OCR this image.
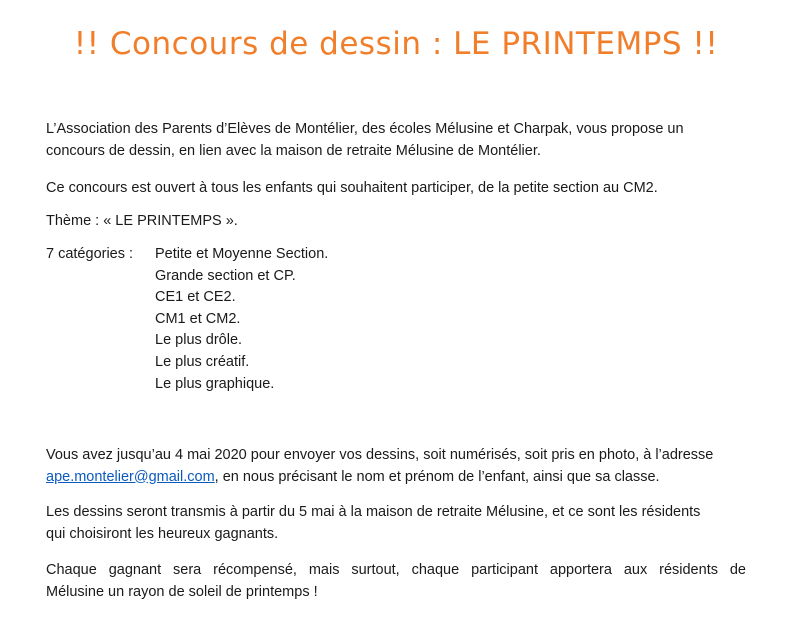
!! Concours de dessin : LE PRINTEMPS !!

L’Association des Parents d’Elèves de Montélier, des écoles Mélusine et Charpak, vous propose un

concours de dessin, en lien avec la maison de retraite Mélusine de Montélier.

Ce concours est ouvert à tous les enfants qui souhaitent participer, de la petite section au CM2.

Thème : « LE PRINTEMPS ».

7 catégories : Petite et Moyenne Section.
Grande section et CP.
CE1 et CE2.
CM1 et CM2.
Le plus drôle.
Le plus créatif.
Le plus graphique.

Vous avez jusqu’au 4 mai 2020 pour envoyer vos dessins, soit numérisés, soit pris en photo, à l’adresse

ape.montelier@gmail.com, en nous précisant le nom et prénom de l’enfant, ainsi que sa classe.

Les dessins seront transmis à partir du 5 mai à la maison de retraite Mélusine, et ce sont les résidents

qui choisiront les heureux gagnants.

Chaque gagnant sera récompensé, mais surtout, chaque participant apportera aux résidents de

Mélusine un rayon de soleil de printemps !
